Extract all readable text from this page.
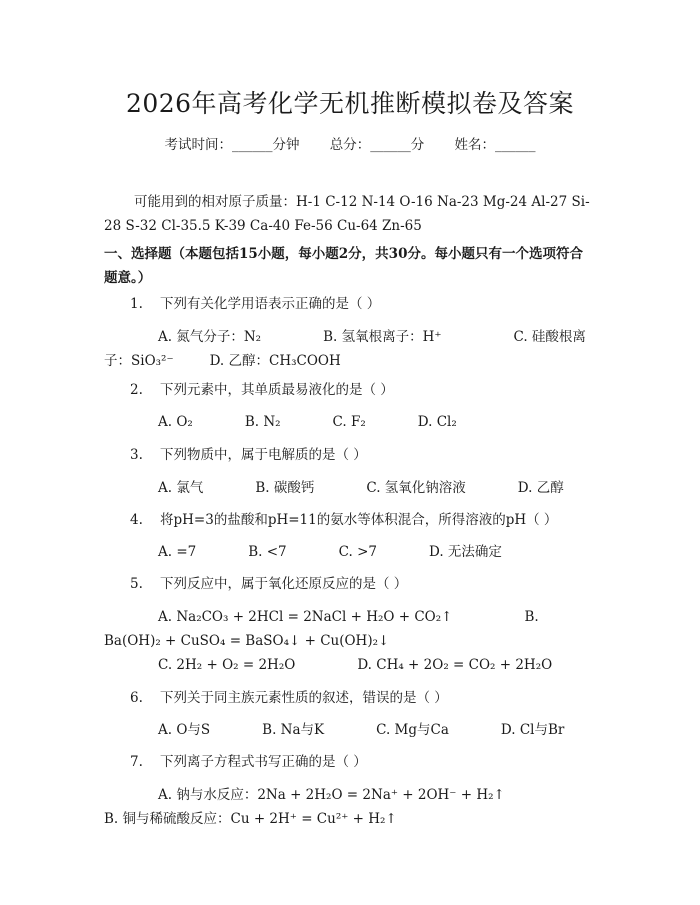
2026年高考化学无机推断模拟卷及答案
考试时间：______分钟 总分：______分 姓名：______
可能用到的相对原子质量：H-1 C-12 N-14 O-16 Na-23 Mg-24 Al-27 Si-28 S-32 Cl-35.5 K-39 Ca-40 Fe-56 Cu-64 Zn-65
一、选择题（本题包括15小题，每小题2分，共30分。每小题只有一个选项符合题意。）
1. 下列有关化学用语表示正确的是（ ）
A. 氮气分子：N₂	B. 氢氧根离子：H⁺	C. 硅酸根离子：SiO₃²⁻	D. 乙醇：CH₃COOH
2. 下列元素中，其单质最易液化的是（ ）
A. O₂	B. N₂	C. F₂	D. Cl₂
3. 下列物质中，属于电解质的是（ ）
A. 氯气	B. 碳酸钙	C. 氢氧化钠溶液	D. 乙醇
4. 将pH=3的盐酸和pH=11的氨水等体积混合，所得溶液的pH（ ）
A. =7	B. <7	C. >7	D. 无法确定
5. 下列反应中，属于氧化还原反应的是（ ）
A. Na₂CO₃ + 2HCl = 2NaCl + H₂O + CO₂↑	B. Ba(OH)₂ + CuSO₄ = BaSO₄↓ + Cu(OH)₂↓
C. 2H₂ + O₂ = 2H₂O	D. CH₄ + 2O₂ = CO₂ + 2H₂O
6. 下列关于同主族元素性质的叙述，错误的是（ ）
A. O与S	B. Na与K	C. Mg与Ca	D. Cl与Br
7. 下列离子方程式书写正确的是（ ）
A. 钠与水反应：2Na + 2H₂O = 2Na⁺ + 2OH⁻ + H₂↑B. 铜与稀硫酸反应：Cu + 2H⁺ = Cu²⁺ + H₂↑
